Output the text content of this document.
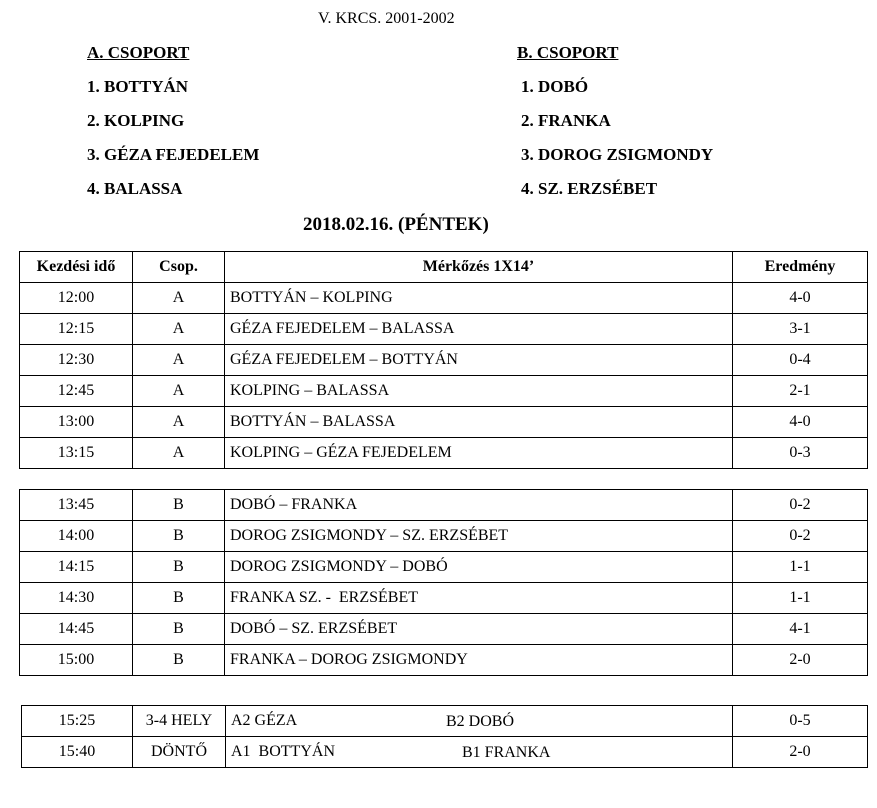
V. KRCS. 2001-2002
A. CSOPORT
1. BOTTYÁN
2. KOLPING
3. GÉZA FEJEDELEM
4. BALASSA
B. CSOPORT
1. DOBÓ
2. FRANKA
3. DOROG ZSIGMONDY
4. SZ. ERZSÉBET
2018.02.16. (PÉNTEK)
Kezdési idő	Csop.	Mérkőzés 1X14’	Eredmény
12:00	A	BOTTYÁN – KOLPING	4-0
12:15	A	GÉZA FEJEDELEM – BALASSA	3-1
12:30	A	GÉZA FEJEDELEM – BOTTYÁN	0-4
12:45	A	KOLPING – BALASSA	2-1
13:00	A	BOTTYÁN – BALASSA	4-0
13:15	A	KOLPING – GÉZA FEJEDELEM	0-3
13:45	B	DOBÓ – FRANKA	0-2
14:00	B	DOROG ZSIGMONDY – SZ. ERZSÉBET	0-2
14:15	B	DOROG ZSIGMONDY – DOBÓ	1-1
14:30	B	FRANKA SZ. -  ERZSÉBET	1-1
14:45	B	DOBÓ – SZ. ERZSÉBET	4-1
15:00	B	FRANKA – DOROG ZSIGMONDY	2-0
15:25	3-4 HELY	A2 GÉZA B2 DOBÓ	0-5
15:40	DÖNTŐ	A1  BOTTYÁN B1 FRANKA	2-0
